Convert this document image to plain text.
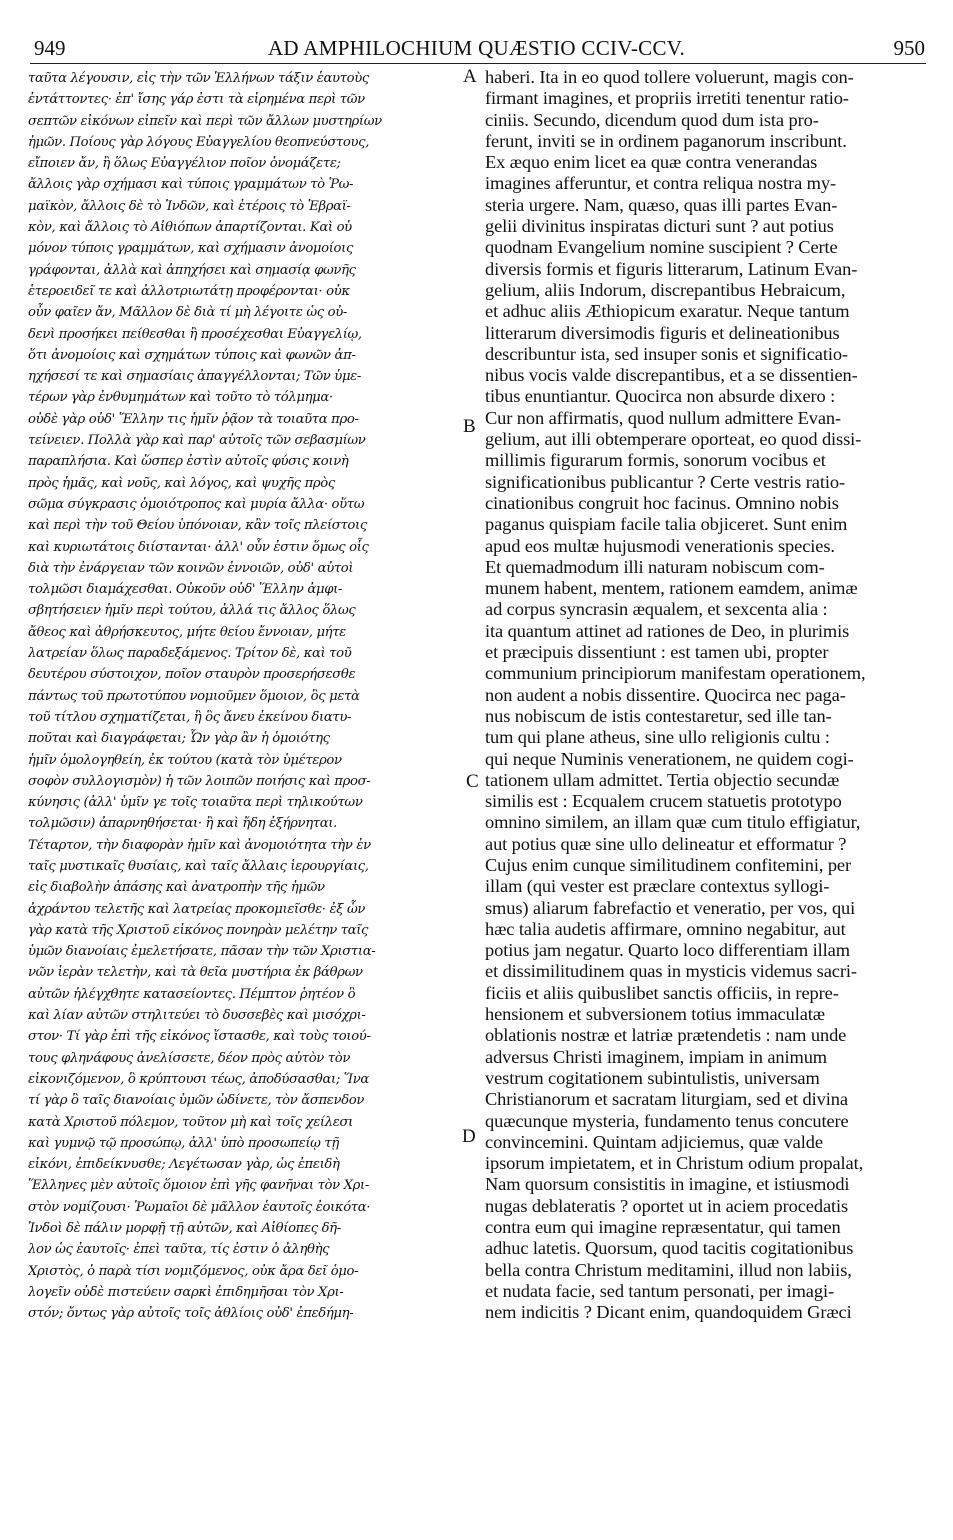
949	AD AMPHILOCHIUM QUÆSTIO CCIV-CCV.	950
ταῦτα λέγουσιν, εἰς τὴν τῶν Ἑλλήνων τάξιν ἑαυτοὺς
ἐντάττοντες· ἐπ' ἴσης γάρ ἐστι τὰ εἰρημένα περὶ τῶν
σεπτῶν εἰκόνων εἰπεῖν καὶ περὶ τῶν ἄλλων μυστηρίων
ἡμῶν. Ποίους γὰρ λόγους Εὐαγγελίου θεοπνεύστους,
εἴποιεν ἄν, ἢ ὅλως Εὐαγγέλιον ποῖον ὀνομάζετε;
ἄλλοις γὰρ σχήμασι καὶ τύποις γραμμάτων τὸ Ῥω-
μαϊκὸν, ἄλλοις δὲ τὸ Ἰνδῶν, καὶ ἑτέροις τὸ Ἑβραϊ-
κὸν, καὶ ἄλλοις τὸ Αἰθιόπων ἀπαρτίζονται. Καὶ οὐ
μόνον τύποις γραμμάτων, καὶ σχήμασιν ἀνομοίοις
γράφονται, ἀλλὰ καὶ ἀπηχήσει καὶ σημασίᾳ φωνῆς
ἑτεροειδεῖ τε καὶ ἀλλοτριωτάτῃ προφέρονται· οὐκ
οὖν φαῖεν ἄν, Μᾶλλον δὲ διὰ τί μὴ λέγοιτε ὡς οὐ-
δενὶ προσήκει πείθεσθαι ἢ προσέχεσθαι Εὐαγγελίῳ,
ὅτι ἀνομοίοις καὶ σχημάτων τύποις καὶ φωνῶν ἀπ-
ηχήσεσί τε καὶ σημασίαις ἀπαγγέλλονται; Τῶν ὑμε-
τέρων γὰρ ἐνθυμημάτων καὶ τοῦτο τὸ τόλμημα·
οὐδὲ γὰρ οὐδ' Ἕλλην τις ἡμῖν ῥᾷον τὰ τοιαῦτα προ-
τείνειεν. Πολλὰ γὰρ καὶ παρ' αὐτοῖς τῶν σεβασμίων
παραπλήσια. Καὶ ὥσπερ ἐστὶν αὐτοῖς φύσις κοινὴ
πρὸς ἡμᾶς, καὶ νοῦς, καὶ λόγος, καὶ ψυχῆς πρὸς
σῶμα σύγκρασις ὁμοιότροπος καὶ μυρία ἄλλα· οὕτω
καὶ περὶ τὴν τοῦ Θείου ὑπόνοιαν, κἂν τοῖς πλείστοις
καὶ κυριωτάτοις διίστανται· ἀλλ' οὖν ἐστιν ὅμως οἷς
διὰ τὴν ἐνάργειαν τῶν κοινῶν ἐννοιῶν, οὐδ' αὐτοὶ
τολμῶσι διαμάχεσθαι. Οὐκοῦν οὐδ' Ἕλλην ἀμφι-
σβητήσειεν ἡμῖν περὶ τούτου, ἀλλά τις ἄλλος ὅλως
ἄθεος καὶ ἀθρήσκευτος, μήτε θείου ἔννοιαν, μήτε
λατρείαν ὅλως παραδεξάμενος. Τρίτον δὲ, καὶ τοῦ
δευτέρου σύστοιχον, ποῖον σταυρὸν προσερήσεσθε
πάντως τοῦ πρωτοτύπου νομιοῦμεν ὅμοιον, ὃς μετὰ
τοῦ τίτλου σχηματίζεται, ἢ ὃς ἄνευ ἐκείνου διατυ-
ποῦται καὶ διαγράφεται; Ὧν γὰρ ἂν ἡ ὁμοιότης
ἡμῖν ὁμολογηθείη, ἐκ τούτου (κατὰ τὸν ὑμέτερον
σοφὸν συλλογισμὸν) ἡ τῶν λοιπῶν ποιήσις καὶ προσ-
κύνησις (ἀλλ' ὑμῖν γε τοῖς τοιαῦτα περὶ τηλικούτων
τολμῶσιν) ἀπαρνηθήσεται· ἢ καὶ ἤδη ἐξήρνηται.
Τέταρτον, τὴν διαφορὰν ἡμῖν καὶ ἀνομοιότητα τὴν ἐν
ταῖς μυστικαῖς θυσίαις, καὶ ταῖς ἄλλαις ἱερουργίαις,
εἰς διαβολὴν ἁπάσης καὶ ἀνατροπὴν τῆς ἡμῶν
ἀχράντου τελετῆς καὶ λατρείας προκομιεῖσθε· ἐξ ὧν
γὰρ κατὰ τῆς Χριστοῦ εἰκόνος πονηρὰν μελέτην ταῖς
ὑμῶν διανοίαις ἐμελετήσατε, πᾶσαν τὴν τῶν Χριστια-
νῶν ἱερὰν τελετὴν, καὶ τὰ θεῖα μυστήρια ἐκ βάθρων
αὐτῶν ἠλέγχθητε κατασείοντες. Πέμπτον ῥητέον ὃ
καὶ λίαν αὐτῶν στηλιτεύει τὸ δυσσεβὲς καὶ μισόχρι-
στον· Τί γὰρ ἐπὶ τῆς εἰκόνος ἵστασθε, καὶ τοὺς τοιού-
τους φληνάφους ἀνελίσσετε, δέον πρὸς αὐτὸν τὸν
εἰκονιζόμενον, ὃ κρύπτουσι τέως, ἀποδύσασθαι; Ἵνα
τί γὰρ ὃ ταῖς διανοίαις ὑμῶν ὠδίνετε, τὸν ἄσπενδον
κατὰ Χριστοῦ πόλεμον, τοῦτον μὴ καὶ τοῖς χείλεσι
καὶ γυμνῷ τῷ προσώπῳ, ἀλλ' ὑπὸ προσωπείῳ τῇ
εἰκόνι, ἐπιδείκνυσθε; Λεγέτωσαν γὰρ, ὡς ἐπειδὴ
Ἕλληνες μὲν αὐτοῖς ὅμοιον ἐπὶ γῆς φανῆναι τὸν Χρι-
στὸν νομίζουσι· Ῥωμαῖοι δὲ μᾶλλον ἑαυτοῖς ἐοικότα·
Ἰνδοὶ δὲ πάλιν μορφῇ τῇ αὐτῶν, καὶ Αἰθίοπες δῆ-
λον ὡς ἑαυτοῖς· ἐπεὶ ταῦτα, τίς ἐστιν ὁ ἀληθὴς
Χριστὸς, ὁ παρὰ τίσι νομιζόμενος, οὐκ ἄρα δεῖ ὁμο-
λογεῖν οὐδὲ πιστεύειν σαρκὶ ἐπιδημῆσαι τὸν Χρι-
στόν; ὄντως γὰρ αὐτοῖς τοῖς ἀθλίοις οὐδ' ἐπεδήμη-
haberi. Ita in eo quod tollere voluerunt, magis con-
firmant imagines, et propriis irretiti tenentur ratio-
ciniis. Secundo, dicendum quod dum ista pro-
ferunt, inviti se in ordinem paganorum inscribunt.
Ex æquo enim licet ea quæ contra venerandas
imagines afferuntur, et contra reliqua nostra my-
steria urgere. Nam, quæso, quas illi partes Evan-
gelii divinitus inspiratas dicturi sunt ? aut potius
quodnam Evangelium nomine suscipient ? Certe
diversis formis et figuris litterarum, Latinum Evan-
gelium, aliis Indorum, discrepantibus Hebraicum,
et adhuc aliis Æthiopicum exaratur. Neque tantum
litterarum diversimodis figuris et delineationibus
describuntur ista, sed insuper sonis et significatio-
nibus vocis valde discrepantibus, et a se dissentien-
tibus enuntiantur. Quocirca non absurde dixero :
Cur non affirmatis, quod nullum admittere Evan-
gelium, aut illi obtemperare oporteat, eo quod dissi-
millimis figurarum formis, sonorum vocibus et
significationibus publicantur ? Certe vestris ratio-
cinationibus congruit hoc facinus. Omnino nobis
paganus quispiam facile talia objiceret. Sunt enim
apud eos multæ hujusmodi venerationis species.
Et quemadmodum illi naturam nobiscum com-
munem habent, mentem, rationem eamdem, animæ
ad corpus syncrasin æqualem, et sexcenta alia :
ita quantum attinet ad rationes de Deo, in plurimis
et præcipuis dissentiunt : est tamen ubi, propter
communium principiorum manifestam operationem,
non audent a nobis dissentire. Quocirca nec paga-
nus nobiscum de istis contestaretur, sed ille tan-
tum qui plane atheus, sine ullo religionis cultu :
qui neque Numinis venerationem, ne quidem cogi-
tationem ullam admittet. Tertia objectio secundæ
similis est : Ecqualem crucem statuetis prototypo
omnino similem, an illam quæ cum titulo effigiatur,
aut potius quæ sine ullo delineatur et efformatur ?
Cujus enim cunque similitudinem confitemini, per
illam (qui vester est præclare contextus syllogi-
smus) aliarum fabrefactio et veneratio, per vos, qui
hæc talia audetis affirmare, omnino negabitur, aut
potius jam negatur. Quarto loco differentiam illam
et dissimilitudinem quas in mysticis videmus sacri-
ficiis et aliis quibuslibet sanctis officiis, in repre-
hensionem et subversionem totius immaculatæ
oblationis nostræ et latriæ prætendetis : nam unde
adversus Christi imaginem, impiam in animum
vestrum cogitationem subintulistis, universam
Christianorum et sacratam liturgiam, sed et divina
quæcunque mysteria, fundamento tenus concutere
convincemini. Quintam adjiciemus, quæ valde
ipsorum impietatem, et in Christum odium propalat,
Nam quorsum consistitis in imagine, et istiusmodi
nugas deblateratis ? oportet ut in aciem procedatis
contra eum qui imagine repræsentatur, qui tamen
adhuc latetis. Quorsum, quod tacitis cogitationibus
bella contra Christum meditamini, illud non labiis,
et nudata facie, sed tantum personati, per imagi-
nem indicitis ? Dicant enim, quandoquidem Græci
A
B
C
D
